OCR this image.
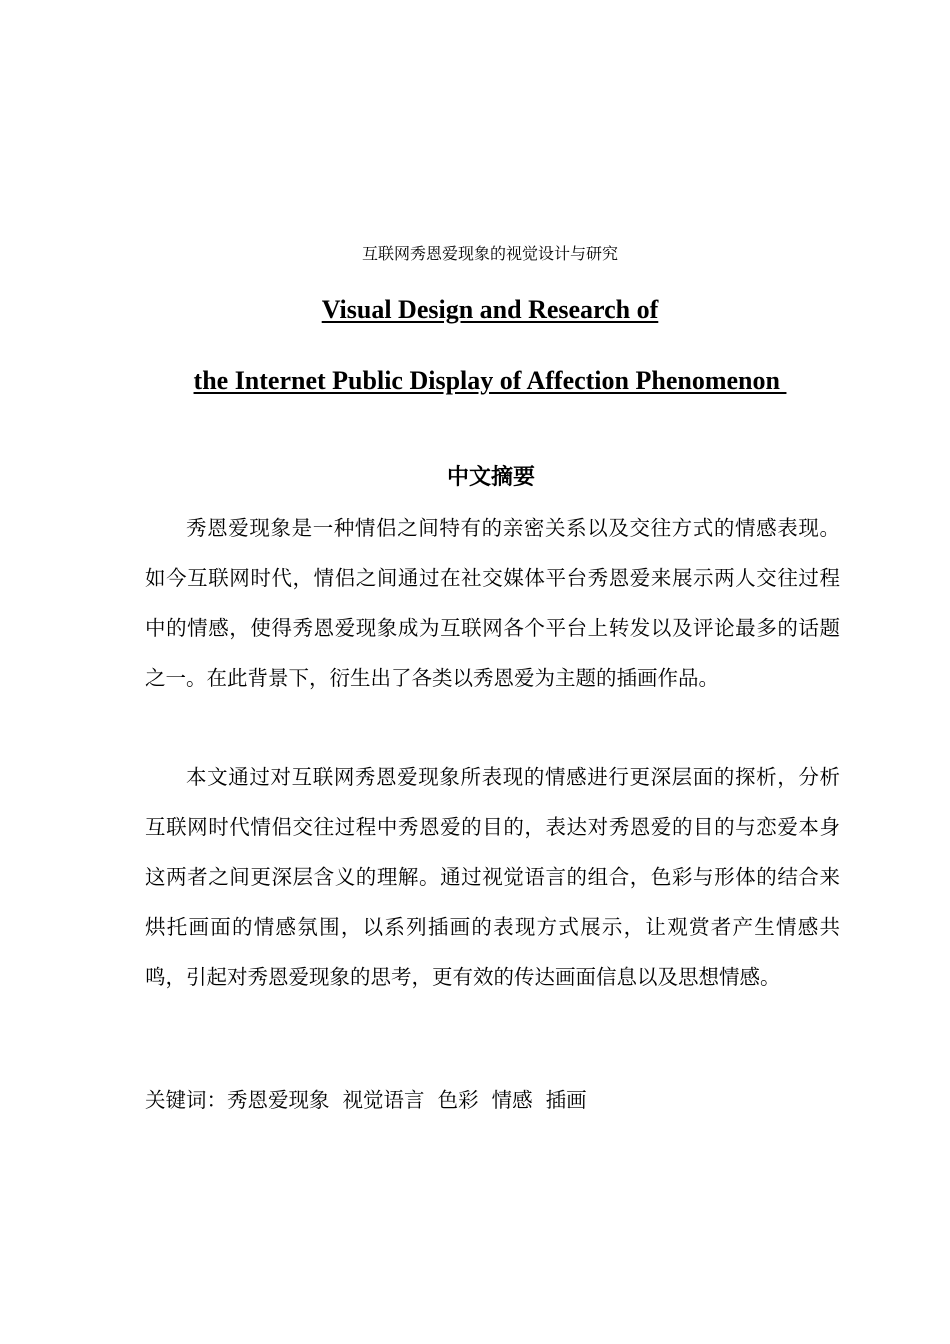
互联网秀恩爱现象的视觉设计与研究
Visual Design and Research of
the Internet Public Display of Affection Phenomenon
中文摘要

秀恩爱现象是一种情侣之间特有的亲密关系以及交往方式的情感表现。如今互联网时代，情侣之间通过在社交媒体平台秀恩爱来展示两人交往过程中的情感，使得秀恩爱现象成为互联网各个平台上转发以及评论最多的话题之一。在此背景下，衍生出了各类以秀恩爱为主题的插画作品。

本文通过对互联网秀恩爱现象所表现的情感进行更深层面的探析，分析互联网时代情侣交往过程中秀恩爱的目的，表达对秀恩爱的目的与恋爱本身这两者之间更深层含义的理解。通过视觉语言的组合，色彩与形体的结合来烘托画面的情感氛围，以系列插画的表现方式展示，让观赏者产生情感共鸣，引起对秀恩爱现象的思考，更有效的传达画面信息以及思想情感。

关键词：秀恩爱现象  视觉语言  色彩  情感  插画
